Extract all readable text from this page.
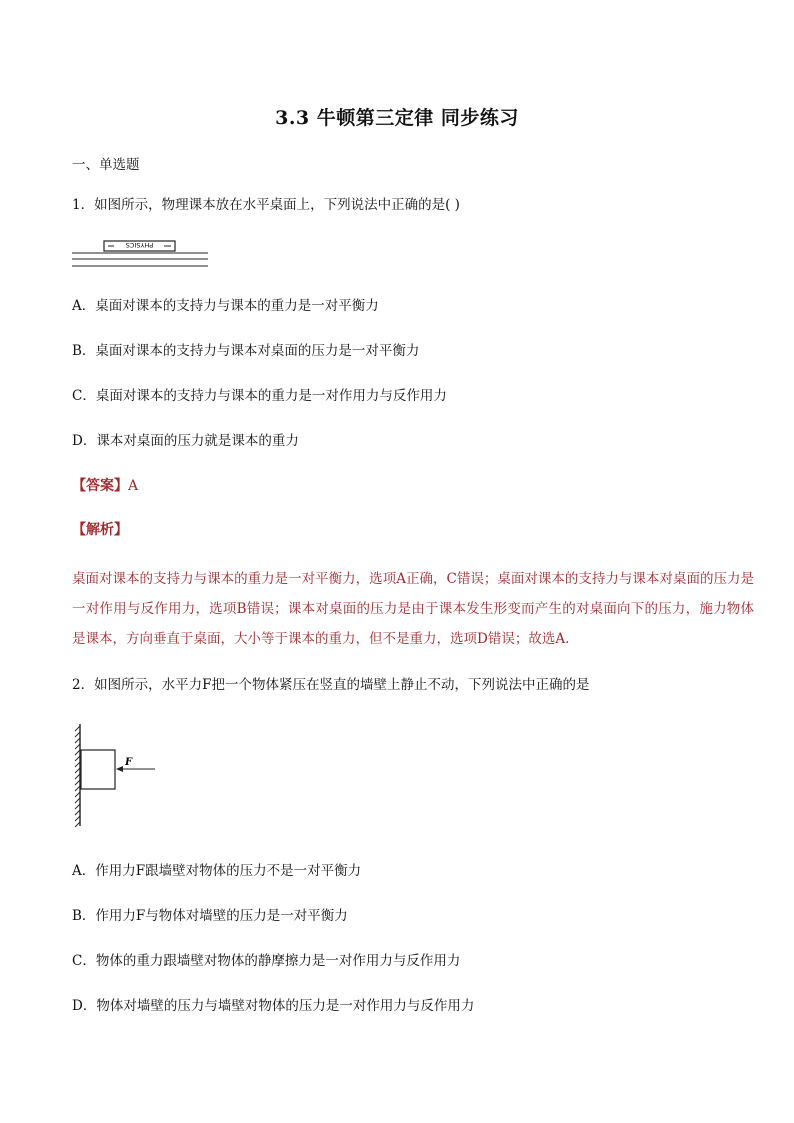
3.3 牛顿第三定律 同步练习
一、单选题
1．如图所示，物理课本放在水平桌面上，下列说法中正确的是( )
PHYSICS
A．桌面对课本的支持力与课本的重力是一对平衡力
B．桌面对课本的支持力与课本对桌面的压力是一对平衡力
C．桌面对课本的支持力与课本的重力是一对作用力与反作用力
D．课本对桌面的压力就是课本的重力
【答案】A
【解析】
桌面对课本的支持力与课本的重力是一对平衡力，选项A正确，C错误；桌面对课本的支持力与课本对桌面的压力是一对作用与反作用力，选项B错误；课本对桌面的压力是由于课本发生形变而产生的对桌面向下的压力，施力物体是课本，方向垂直于桌面，大小等于课本的重力，但不是重力，选项D错误；故选A.
2．如图所示，水平力F把一个物体紧压在竖直的墙壁上静止不动，下列说法中正确的是
F
A．作用力F跟墙壁对物体的压力不是一对平衡力
B．作用力F与物体对墙壁的压力是一对平衡力
C．物体的重力跟墙壁对物体的静摩擦力是一对作用力与反作用力
D．物体对墙壁的压力与墙壁对物体的压力是一对作用力与反作用力
